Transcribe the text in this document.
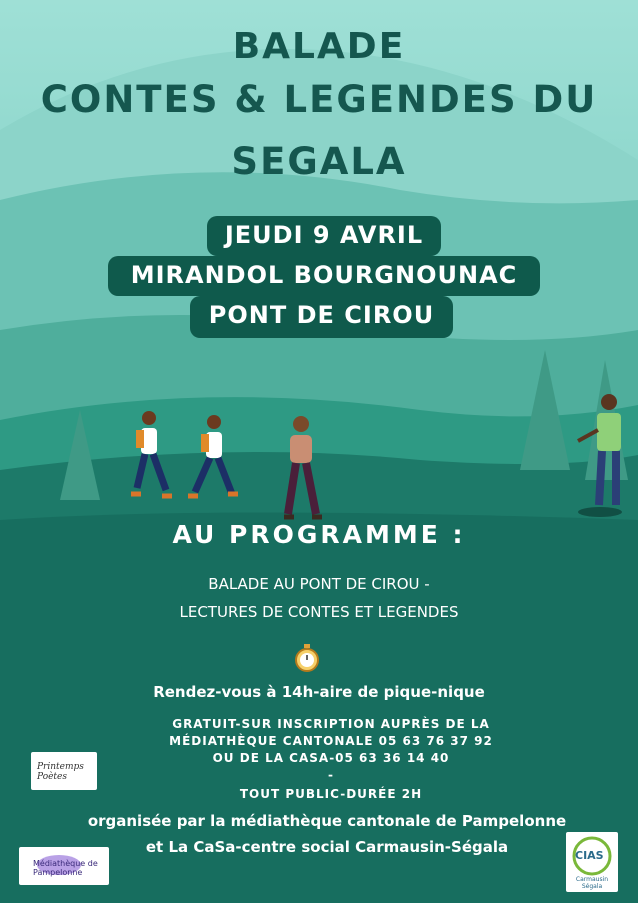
BALADE
CONTES & LEGENDES DU
SEGALA
JEUDI 9 AVRIL
MIRANDOL BOURGNOUNAC
PONT DE CIROU
AU PROGRAMME :
BALADE AU PONT DE CIROU -
LECTURES DE CONTES ET LEGENDES
Rendez-vous à 14h-aire de pique-nique
GRATUIT-SUR INSCRIPTION AUPRÈS DE LA
MÉDIATHÈQUE CANTONALE 05 63 76 37 92
OU DE LA CASA-05 63 36 14 40
-
TOUT PUBLIC-DURÉE 2H
organisée par la médiathèque cantonale de Pampelonne
et La CaSa-centre social Carmausin-Ségala
Printemps Poètes
Médiathèque de Pampelonne
CIAS
Carmausin Ségala
